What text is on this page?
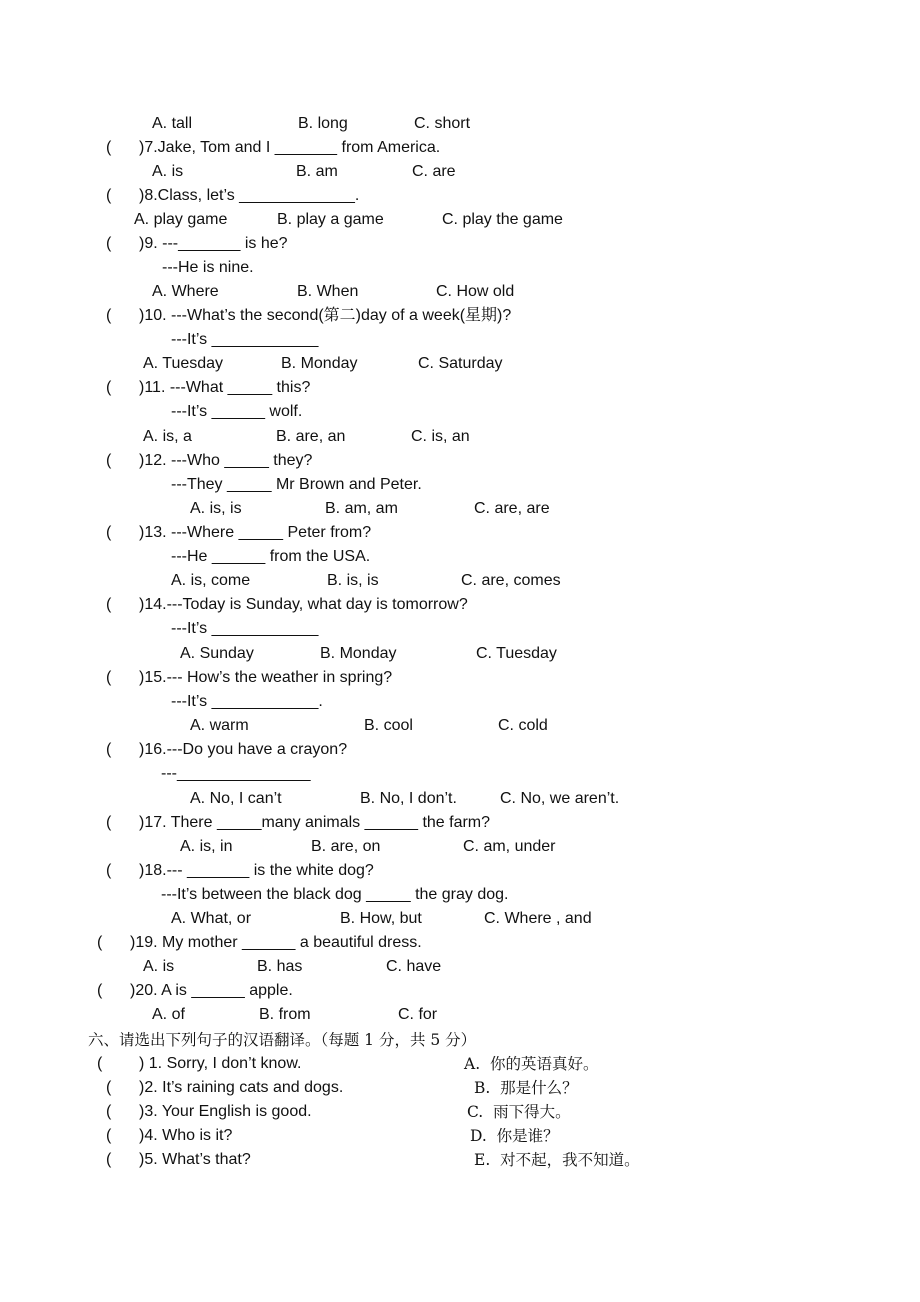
A. tall	B. long	C. short
( )7.Jake, Tom and I _______ from America.
A. is	B. am	C. are
( )8.Class, let’s _____________.
A. play game	B. play a game	C. play the game
( )9. ---_______ is he?
---He is nine.
A. Where	B. When	C. How old
( )10. ---What’s the second(第二)day of a week(星期)?
---It’s ____________
A. Tuesday	B. Monday	C. Saturday
( )11. ---What _____ this?
---It’s ______ wolf.
A. is, a	B. are, an	C. is, an
( )12. ---Who _____ they?
---They _____ Mr Brown and Peter.
A. is, is	B. am, am	C. are, are
( )13. ---Where _____ Peter from?
---He ______ from the USA.
A. is, come	B. is, is	C. are, comes
( )14.---Today is Sunday, what day is tomorrow?
---It’s ____________
A. Sunday	B. Monday	C. Tuesday
( )15.--- How’s the weather in spring?
---It’s ____________.
A. warm	B. cool	C. cold
( )16.---Do you have a crayon?
---_______________
A. No, I can’t	B. No, I don’t.	C. No, we aren’t.
( )17. There _____many animals ______ the farm?
A. is, in	B. are, on	C. am, under
( )18.--- _______ is the white dog?
---It’s between the black dog _____ the gray dog.
A. What, or	B. How, but	C. Where , and
( )19. My mother ______ a beautiful dress.
A. is	B. has	C. have
( )20. A is ______ apple.
A. of	B. from	C. for
六、请选出下列句子的汉语翻译。（每题 1 分，共 5 分）
( ) 1. Sorry, I don’t know.	A.  你的英语真好。
( )2. It’s raining cats and dogs.	B.  那是什么？
( )3. Your English is good.	C.  雨下得大。
( )4. Who is it?	D.  你是谁？
( )5. What’s that?	E.  对不起，我不知道。
